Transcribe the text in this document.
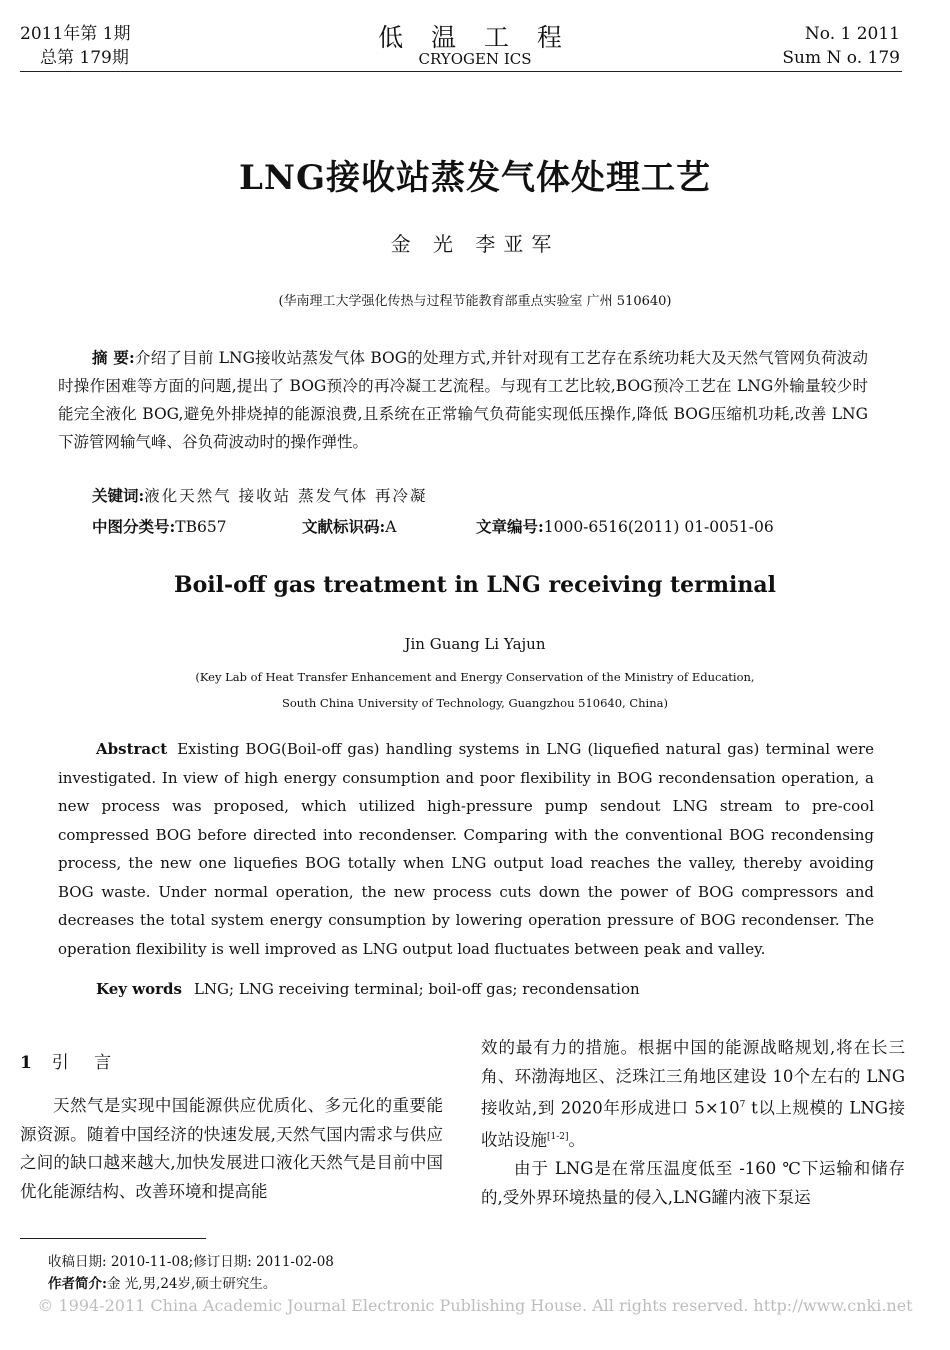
2011年第 1期
总第 179期
低 温 工 程
CRYOGEN ICS
No. 1 2011
Sum N o. 179
LNG接收站蒸发气体处理工艺
金 光 李亚军
(华南理工大学强化传热与过程节能教育部重点实验室 广州 510640)
摘 要:介绍了目前 LNG接收站蒸发气体 BOG的处理方式,并针对现有工艺存在系统功耗大及天然气管网负荷波动时操作困难等方面的问题,提出了 BOG预冷的再冷凝工艺流程。与现有工艺比较,BOG预冷工艺在 LNG外输量较少时能完全液化 BOG,避免外排烧掉的能源浪费,且系统在正常输气负荷能实现低压操作,降低 BOG压缩机功耗,改善 LNG下游管网输气峰、谷负荷波动时的操作弹性。
关键词:液化天然气 接收站 蒸发气体 再冷凝
中图分类号:TB657	文献标识码:A	文章编号:1000-6516(2011) 01-0051-06
Boil-off gas treatment in LNG receiving terminal
Jin Guang Li Yajun
(Key Lab of Heat Transfer Enhancement and Energy Conservation of the Ministry of Education,
South China University of Technology, Guangzhou 510640, China)
Abstract Existing BOG(Boil-off gas) handling systems in LNG (liquefied natural gas) terminal were investigated. In view of high energy consumption and poor flexibility in BOG recondensation operation, a new process was proposed, which utilized high-pressure pump sendout LNG stream to pre-cool compressed BOG before directed into recondenser. Comparing with the conventional BOG recondensing process, the new one liquefies BOG totally when LNG output load reaches the valley, thereby avoiding BOG waste. Under normal operation, the new process cuts down the power of BOG compressors and decreases the total system energy consumption by lowering operation pressure of BOG recondenser. The operation flexibility is well improved as LNG output load fluctuates between peak and valley.
Key words LNG; LNG receiving terminal; boil-off gas; recondensation
1 引 言

天然气是实现中国能源供应优质化、多元化的重要能源资源。随着中国经济的快速发展,天然气国内需求与供应之间的缺口越来越大,加快发展进口液化天然气是目前中国优化能源结构、改善环境和提高能

效的最有力的措施。根据中国的能源战略规划,将在长三角、环渤海地区、泛珠江三角地区建设 10个左右的 LNG接收站,到 2020年形成进口 $5\times 10^7$ t以上规模的 LNG接收站设施[1-2]。

由于 LNG是在常压温度低至 -160 ℃下运输和储存的,受外界环境热量的侵入,LNG罐内液下泵运

收稿日期: 2010-11-08;修订日期: 2011-02-08
作者简介:金 光,男,24岁,硕士研究生。
© 1994-2011 China Academic Journal Electronic Publishing House. All rights reserved. http://www.cnki.net
